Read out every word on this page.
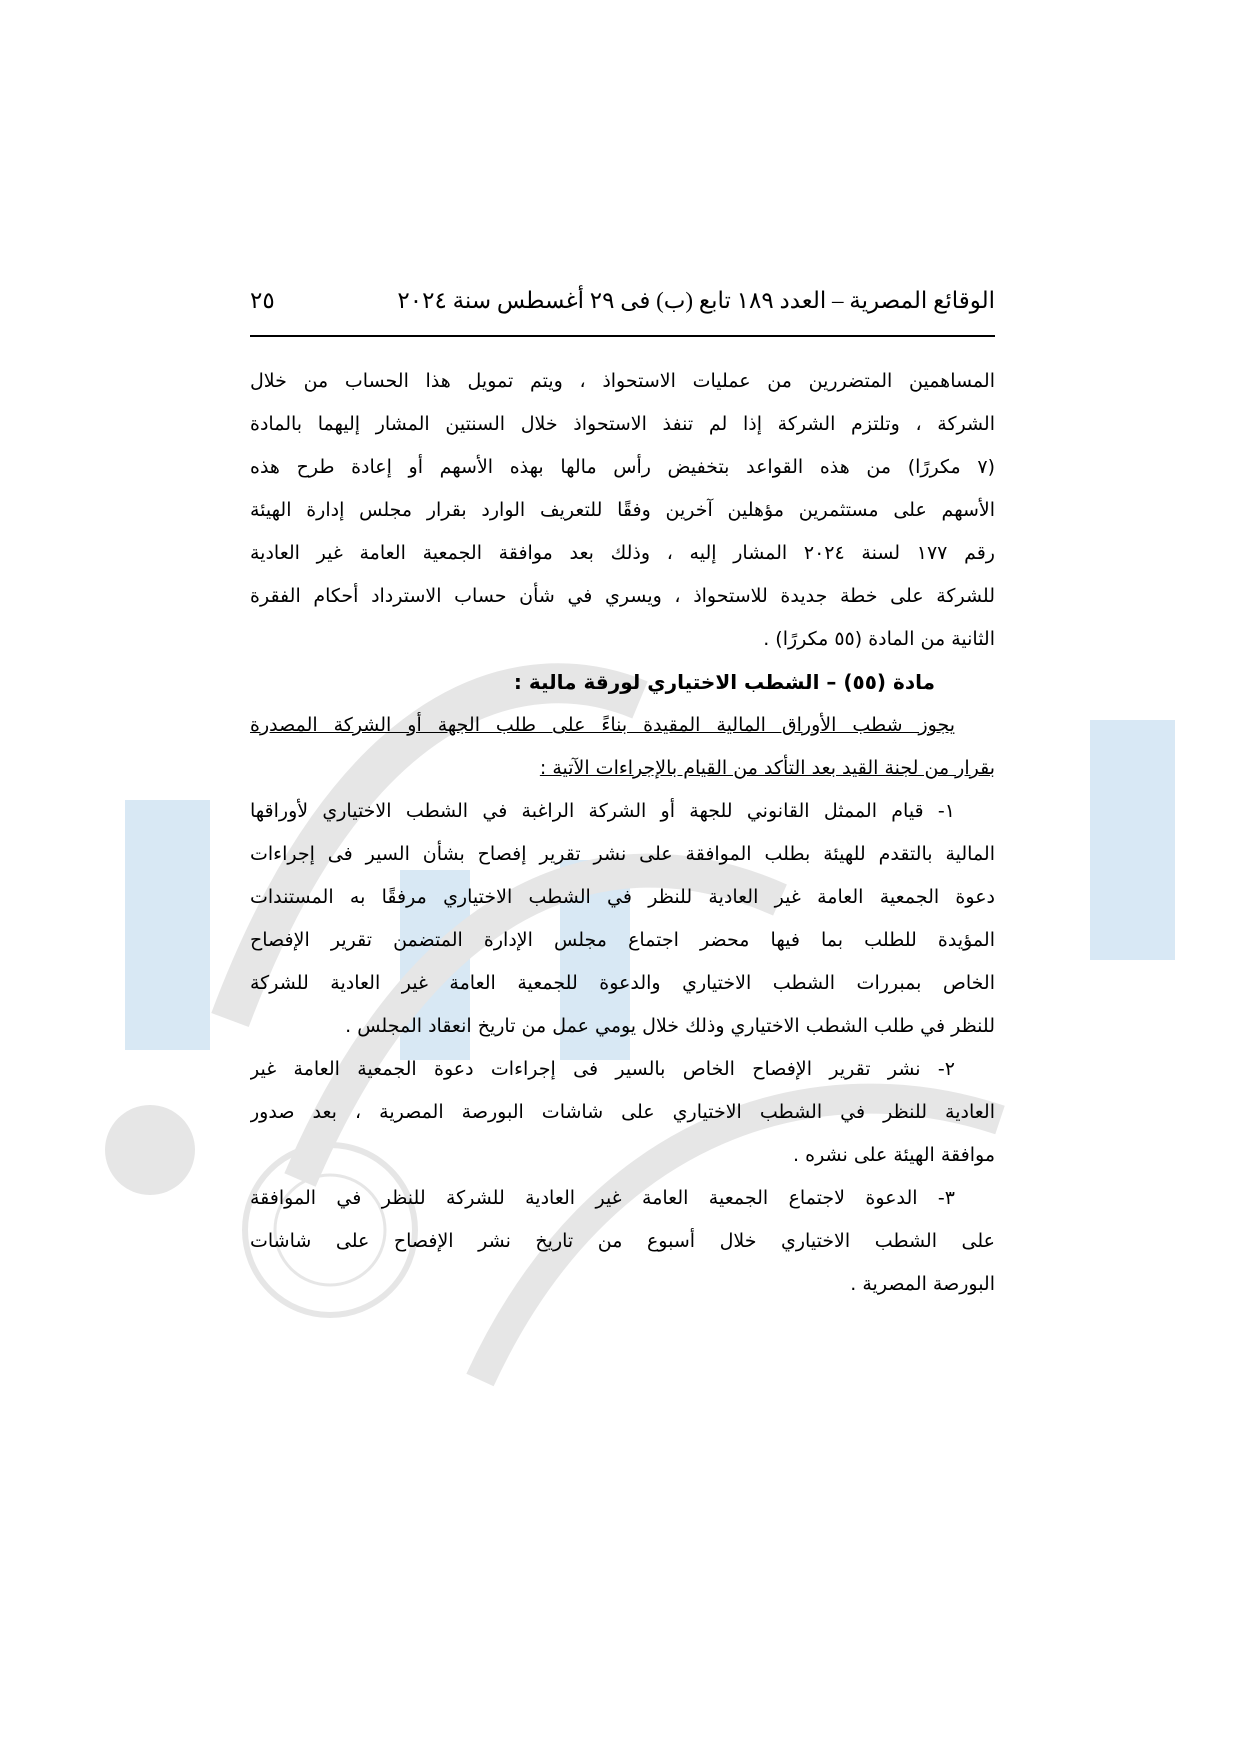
الوقائع المصرية – العدد ١٨٩ تابع (ب) فى ٢٩ أغسطس سنة ٢٠٢٤
٢٥
المساهمين المتضررين من عمليات الاستحواذ ، ويتم تمويل هذا الحساب من خلال
الشركة ، وتلتزم الشركة إذا لم تنفذ الاستحواذ خلال السنتين المشار إليهما بالمادة
(٧ مكررًا) من هذه القواعد بتخفيض رأس مالها بهذه الأسهم أو إعادة طرح هذه
الأسهم على مستثمرين مؤهلين آخرين وفقًا للتعريف الوارد بقرار مجلس إدارة الهيئة
رقم ١٧٧ لسنة ٢٠٢٤ المشار إليه ، وذلك بعد موافقة الجمعية العامة غير العادية
للشركة على خطة جديدة للاستحواذ ، ويسري في شأن حساب الاسترداد أحكام الفقرة
الثانية من المادة (٥٥ مكررًا) .
مادة (٥٥) – الشطب الاختياري لورقة مالية :
يجوز شطب الأوراق المالية المقيدة بناءً على طلب الجهة أو الشركة المصدرة
بقرار من لجنة القيد بعد التأكد من القيام بالإجراءات الآتية :
١- قيام الممثل القانوني للجهة أو الشركة الراغبة في الشطب الاختياري لأوراقها
المالية بالتقدم للهيئة بطلب الموافقة على نشر تقرير إفصاح بشأن السير فى إجراءات
دعوة الجمعية العامة غير العادية للنظر في الشطب الاختياري مرفقًا به المستندات
المؤيدة للطلب بما فيها محضر اجتماع مجلس الإدارة المتضمن تقرير الإفصاح
الخاص بمبررات الشطب الاختياري والدعوة للجمعية العامة غير العادية للشركة
للنظر في طلب الشطب الاختياري وذلك خلال يومي عمل من تاريخ انعقاد المجلس .
٢- نشر تقرير الإفصاح الخاص بالسير فى إجراءات دعوة الجمعية العامة غير
العادية للنظر في الشطب الاختياري على شاشات البورصة المصرية ، بعد صدور
موافقة الهيئة على نشره .
٣- الدعوة لاجتماع الجمعية العامة غير العادية للشركة للنظر في الموافقة
على الشطب الاختياري خلال أسبوع من تاريخ نشر الإفصاح على شاشات
البورصة المصرية .
